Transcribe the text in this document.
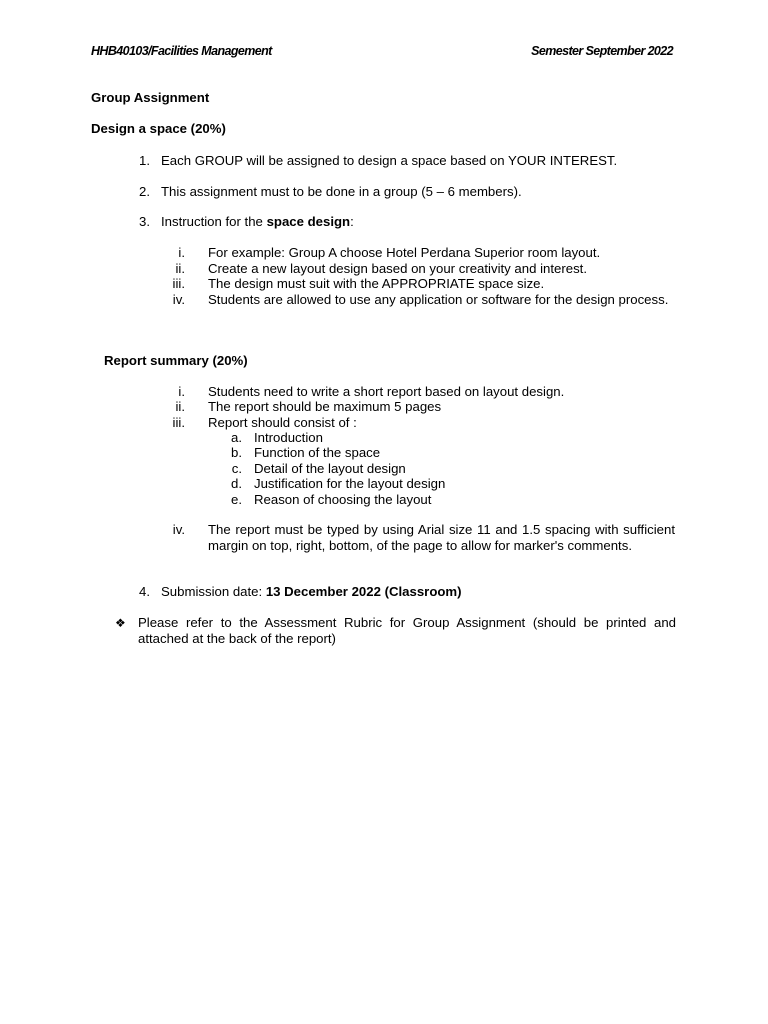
HHB40103/Facilities Management	Semester September 2022
Group Assignment
Design a space (20%)
1. Each GROUP will be assigned to design a space based on YOUR INTEREST.
2. This assignment must to be done in a group (5 – 6 members).
3. Instruction for the space design:
i. For example: Group A choose Hotel Perdana Superior room layout.
ii. Create a new layout design based on your creativity and interest.
iii. The design must suit with the APPROPRIATE space size.
iv. Students are allowed to use any application or software for the design process.
Report summary (20%)
i. Students need to write a short report based on layout design.
ii. The report should be maximum 5 pages
iii. Report should consist of :
a. Introduction
b. Function of the space
c. Detail of the layout design
d. Justification for the layout design
e. Reason of choosing the layout
iv. The report must be typed by using Arial size 11 and 1.5 spacing with sufficient margin on top, right, bottom, of the page to allow for marker's comments.
4. Submission date: 13 December 2022 (Classroom)
❖ Please refer to the Assessment Rubric for Group Assignment (should be printed and attached at the back of the report)
